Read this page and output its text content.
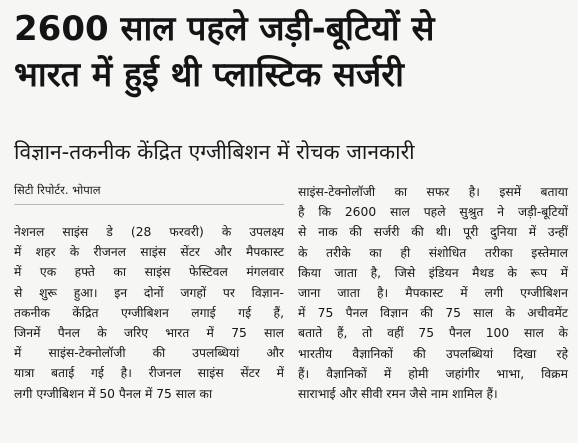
2600 साल पहले जड़ी-बूटियों से
भारत में हुई थी प्लास्टिक सर्जरी
विज्ञान-तकनीक केंद्रित एग्जीबिशन में रोचक जानकारी
सिटी रिपोर्टर. भोपाल
नेशनल साइंस डे (28 फरवरी) के उपलक्ष्य
में शहर के रीजनल साइंस सेंटर और मैपकास्ट
में एक हफ्ते का साइंस फेस्टिवल मंगलवार
से शुरू हुआ। इन दोनों जगहों पर विज्ञान-
तकनीक केंद्रित एग्जीबिशन लगाई गई हैं,
जिनमें पैनल के जरिए भारत में 75 साल
में साइंस-टेक्नोलॉजी की उपलब्धियां और
यात्रा बताई गई है। रीजनल साइंस सेंटर में
लगी एग्जीबिशन में 50 पैनल में 75 साल का
साइंस-टेक्नोलॉजी का सफर है। इसमें बताया
है कि 2600 साल पहले सुश्रुत ने जड़ी-बूटियों
से नाक की सर्जरी की थी। पूरी दुनिया में उन्हीं
के तरीके का ही संशोधित तरीका इस्तेमाल
किया जाता है, जिसे इंडियन मैथड के रूप में
जाना जाता है। मैपकास्ट में लगी एग्जीबिशन
में 75 पैनल विज्ञान की 75 साल के अचीवमेंट
बताते हैं, तो वहीं 75 पैनल 100 साल के
भारतीय वैज्ञानिकों की उपलब्धियां दिखा रहे
हैं। वैज्ञानिकों में होमी जहांगीर भाभा, विक्रम
साराभाई और सीवी रमन जैसे नाम शामिल हैं।
